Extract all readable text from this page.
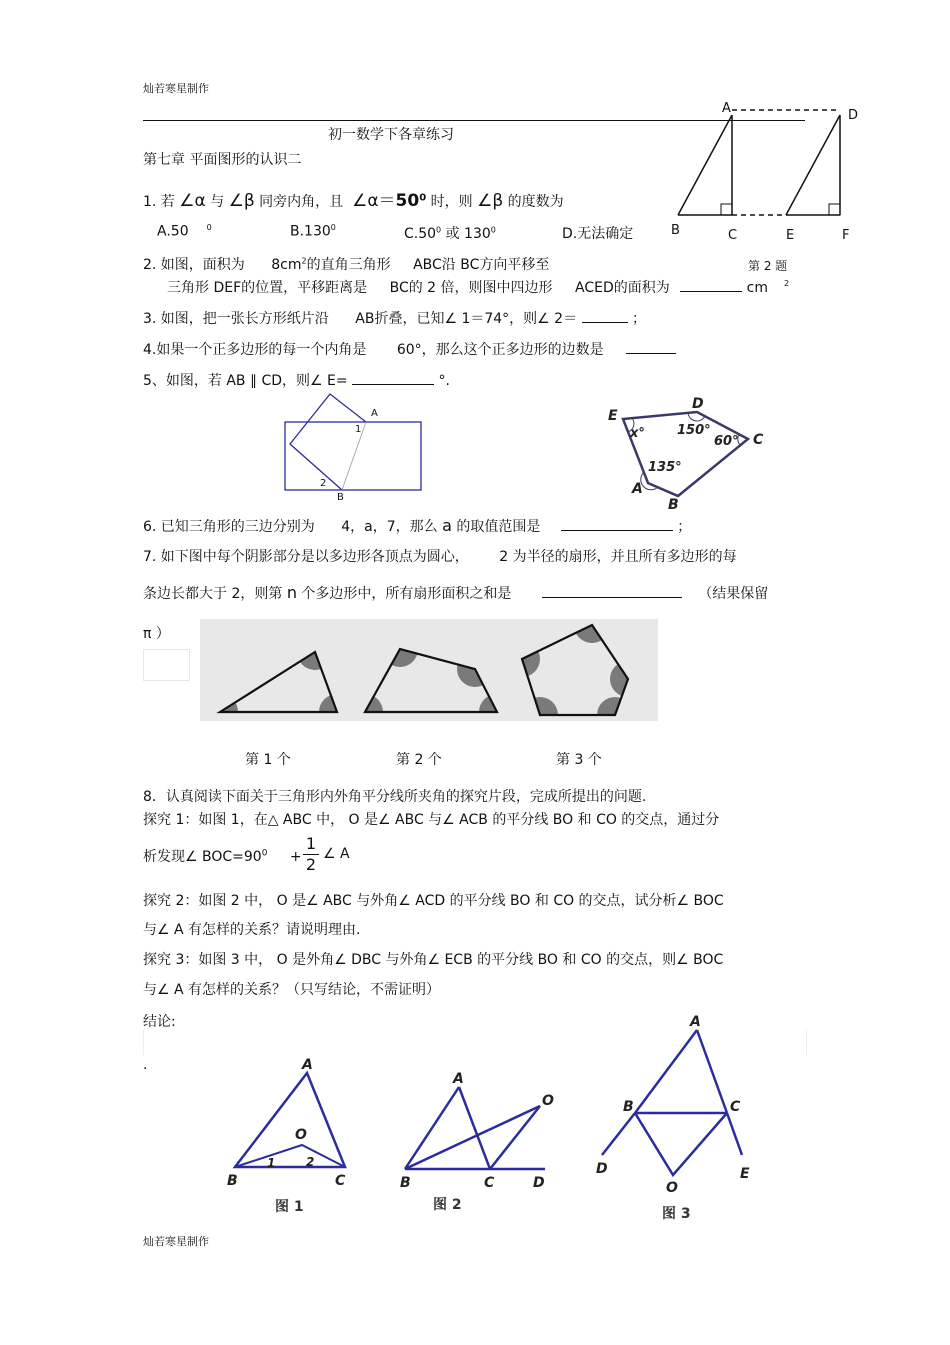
灿若寒星制作
初一数学下各章练习
第七章 平面图形的认识二
A	D
B	C	E	F
第 2 题
1. 若 ∠α 与 ∠β 同旁内角，且 $\angle\alpha=50^0$ 时，则 ∠β 的度数为
A.50 $^0$	B.130$^0$	$C.50^0$ 或 $130^0$	D.无法确定
2. 如图，面积为 $8cm^2$的直角三角形 ABC沿 BC方向平移至
三角形 DEF的位置，平移距离是 BC的 2 倍，则图中四边形 ACED的面积为	cm $^2$
3. 如图，把一张长方形纸片沿 AB折叠，已知∠ 1＝74°，则∠ 2＝	；
4.如果一个正多边形的每一个内角是 60°，那么这个正多边形的边数是
5、如图，若 AB ∥ CD，则∠ E=	°.
A
1
2
B
E
D
C
A
B
x° 150°
60°
135°
6. 已知三角形的三边分别为 4，a，7，那么 a 的取值范围是	；
7. 如下图中每个阴影部分是以多边形各顶点为圆心， 2 为半径的扇形，并且所有多边形的每
条边长都大于 2，则第 n 个多边形中，所有扇形面积之和是	（结果保留
π ）
第 1 个	第 2 个	第 3 个
8．认真阅读下面关于三角形内外角平分线所夹角的探究片段，完成所提出的问题.
探究 1：如图 1，在△ ABC 中， O 是∠ ABC 与∠ ACB 的平分线 BO 和 CO 的交点，通过分
析发现∠ $BOC=90^0 + \frac{1}{2}$ ∠ A
探究 2：如图 2 中， O 是∠ ABC 与外角∠ ACD 的平分线 BO 和 CO 的交点，试分析∠ BOC
与∠ A 有怎样的关系？请说明理由.
探究 3：如图 3 中， O 是外角∠ DBC 与外角∠ ECB 的平分线 BO 和 CO 的交点，则∠ BOC
与∠ A 有怎样的关系？（只写结论，不需证明）
结论:
.	A
B	C
O
1	2
图 1
A
O
B	C	D
图 2
A
B	C
D	E
O
图 3
灿若寒星制作
